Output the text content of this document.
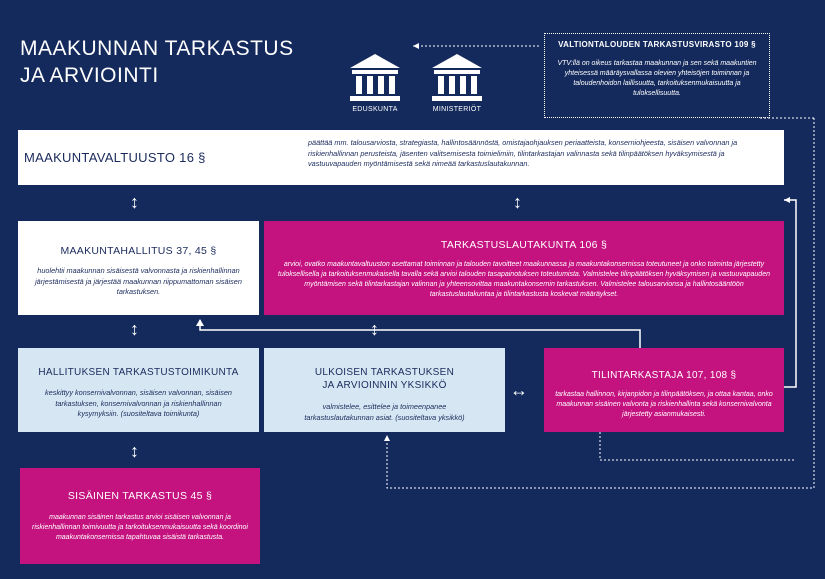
MAAKUNNAN TARKASTUS
JA ARVIOINTI
EDUSKUNTA	MINISTERIÖT
VALTIONTALOUDEN TARKASTUSVIRASTO 109 §
VTV:llä on oikeus tarkastaa maakunnan ja sen sekä maakuntien yhteisessä määräysvallassa olevien yhteisöjen toiminnan ja taloudenhoidon laillisuutta, tarkoituksenmukaisuutta ja tuloksellisuutta.
MAAKUNTAVALTUUSTO 16 §
päättää mm. talousarviosta, strategiasta, hallintosäännöstä, omistajaohjauksen periaatteista, konserniohjeesta, sisäisen valvonnan ja riskienhallinnan perusteista, jäsenten valitsemisesta toimielimiin, tilintarkastajan valinnasta sekä tilinpäätöksen hyväksymisestä ja vastuuvapauden myöntämisestä sekä nimeää tarkastuslautakunnan.
↕	↕
MAAKUNTAHALLITUS 37, 45 §
huolehtii maakunnan sisäisestä valvonnasta ja riskienhallinnan järjestämisestä ja järjestää maakunnan riippumattoman sisäisen tarkastuksen.
TARKASTUSLAUTAKUNTA 106 §
arvioi, ovatko maakuntavaltuuston asettamat toiminnan ja talouden tavoitteet maakunnassa ja maakuntakonsernissa toteutuneet ja onko toiminta järjestetty tuloksellisella ja tarkoituksenmukaisella tavalla sekä arvioi talouden tasapainotuksen toteutumista. Valmistelee tilinpäätöksen hyväksymisen ja vastuuvapauden myöntämisen sekä tilintarkastajan valinnan ja yhteensovittaa maakuntakonsernin tarkastuksen. Valmistelee talousarvionsa ja hallintosääntöön tarkastuslautakuntaa ja tilintarkastusta koskevat määräykset.
↕	↕
HALLITUKSEN TARKASTUSTOIMIKUNTA
keskittyy konsernivalvonnan, sisäisen valvonnan, sisäisen tarkastuksen, konsernivalvonnan ja riskienhallinnan kysymyksiin. (suositeltava toimikunta)
ULKOISEN TARKASTUKSEN
JA ARVIOINNIN YKSIKKÖ
valmistelee, esittelee ja toimeenpanee tarkastuslautakunnan asiat. (suositeltava yksikkö)
↔
TILINTARKASTAJA 107, 108 §
tarkastaa hallinnon, kirjanpidon ja tilinpäätöksen, ja ottaa kantaa, onko maakunnan sisäinen valvonta ja riskienhallinta sekä konsernivalvonta järjestetty asianmukaisesti.
↕
SISÄINEN TARKASTUS 45 §
maakunnan sisäinen tarkastus arvioi sisäisen valvonnan ja riskienhallinnan toimivuutta ja tarkoituksenmukaisuutta sekä koordinoi maakuntakonsernissa tapahtuvaa sisäistä tarkastusta.
